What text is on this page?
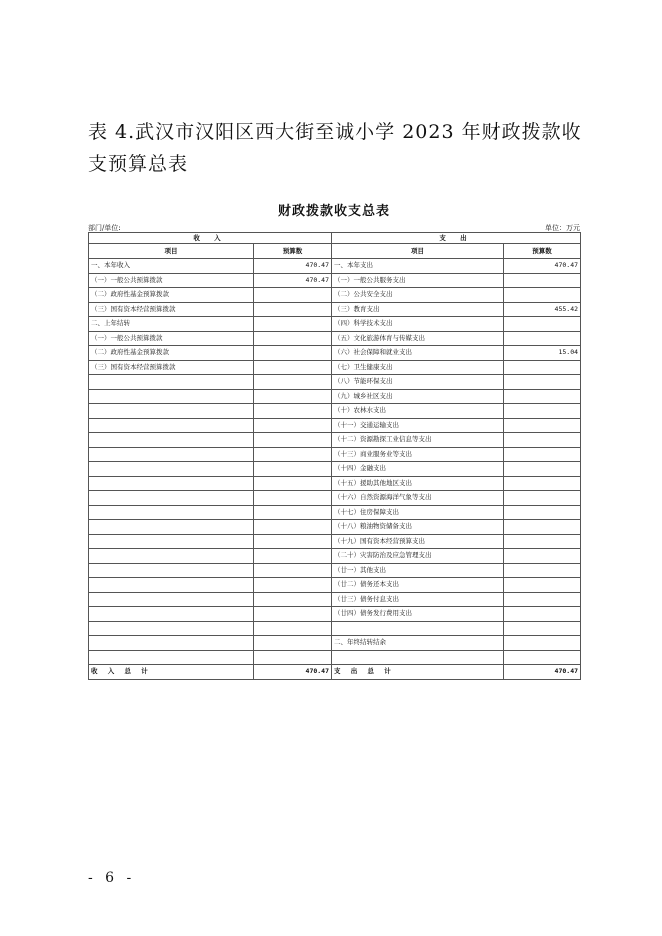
表 4.武汉市汉阳区西大街至诚小学 2023 年财政拨款收支预算总表
财政拨款收支总表
部门/单位:	单位：万元
收 入		支 出	
项目	预算数	项目	预算数
一、本年收入	470.47	一、本年支出	470.47
（一）一般公共预算拨款	470.47	（一）一般公共服务支出	
（二）政府性基金预算拨款		（二）公共安全支出	
（三）国有资本经营预算拨款		（三）教育支出	455.42
二、上年结转		（四）科学技术支出	
（一）一般公共预算拨款		（五）文化旅游体育与传媒支出	
（二）政府性基金预算拨款		（六）社会保障和就业支出	15.04
（三）国有资本经营预算拨款		（七）卫生健康支出	
		（八）节能环保支出	
		（九）城乡社区支出	
		（十）农林水支出	
		（十一）交通运输支出	
		（十二）资源勘探工业信息等支出	
		（十三）商业服务业等支出	
		（十四）金融支出	
		（十五）援助其他地区支出	
		（十六）自然资源海洋气象等支出	
		（十七）住房保障支出	
		（十八）粮油物资储备支出	
		（十九）国有资本经营预算支出	
		（二十）灾害防治及应急管理支出	
		（廿一）其他支出	
		（廿二）债务还本支出	
		（廿三）债务付息支出	
		（廿四）债务发行费用支出	

		二、年终结转结余	

收 入 总 计	470.47	支 出 总 计	470.47
- 6 -
